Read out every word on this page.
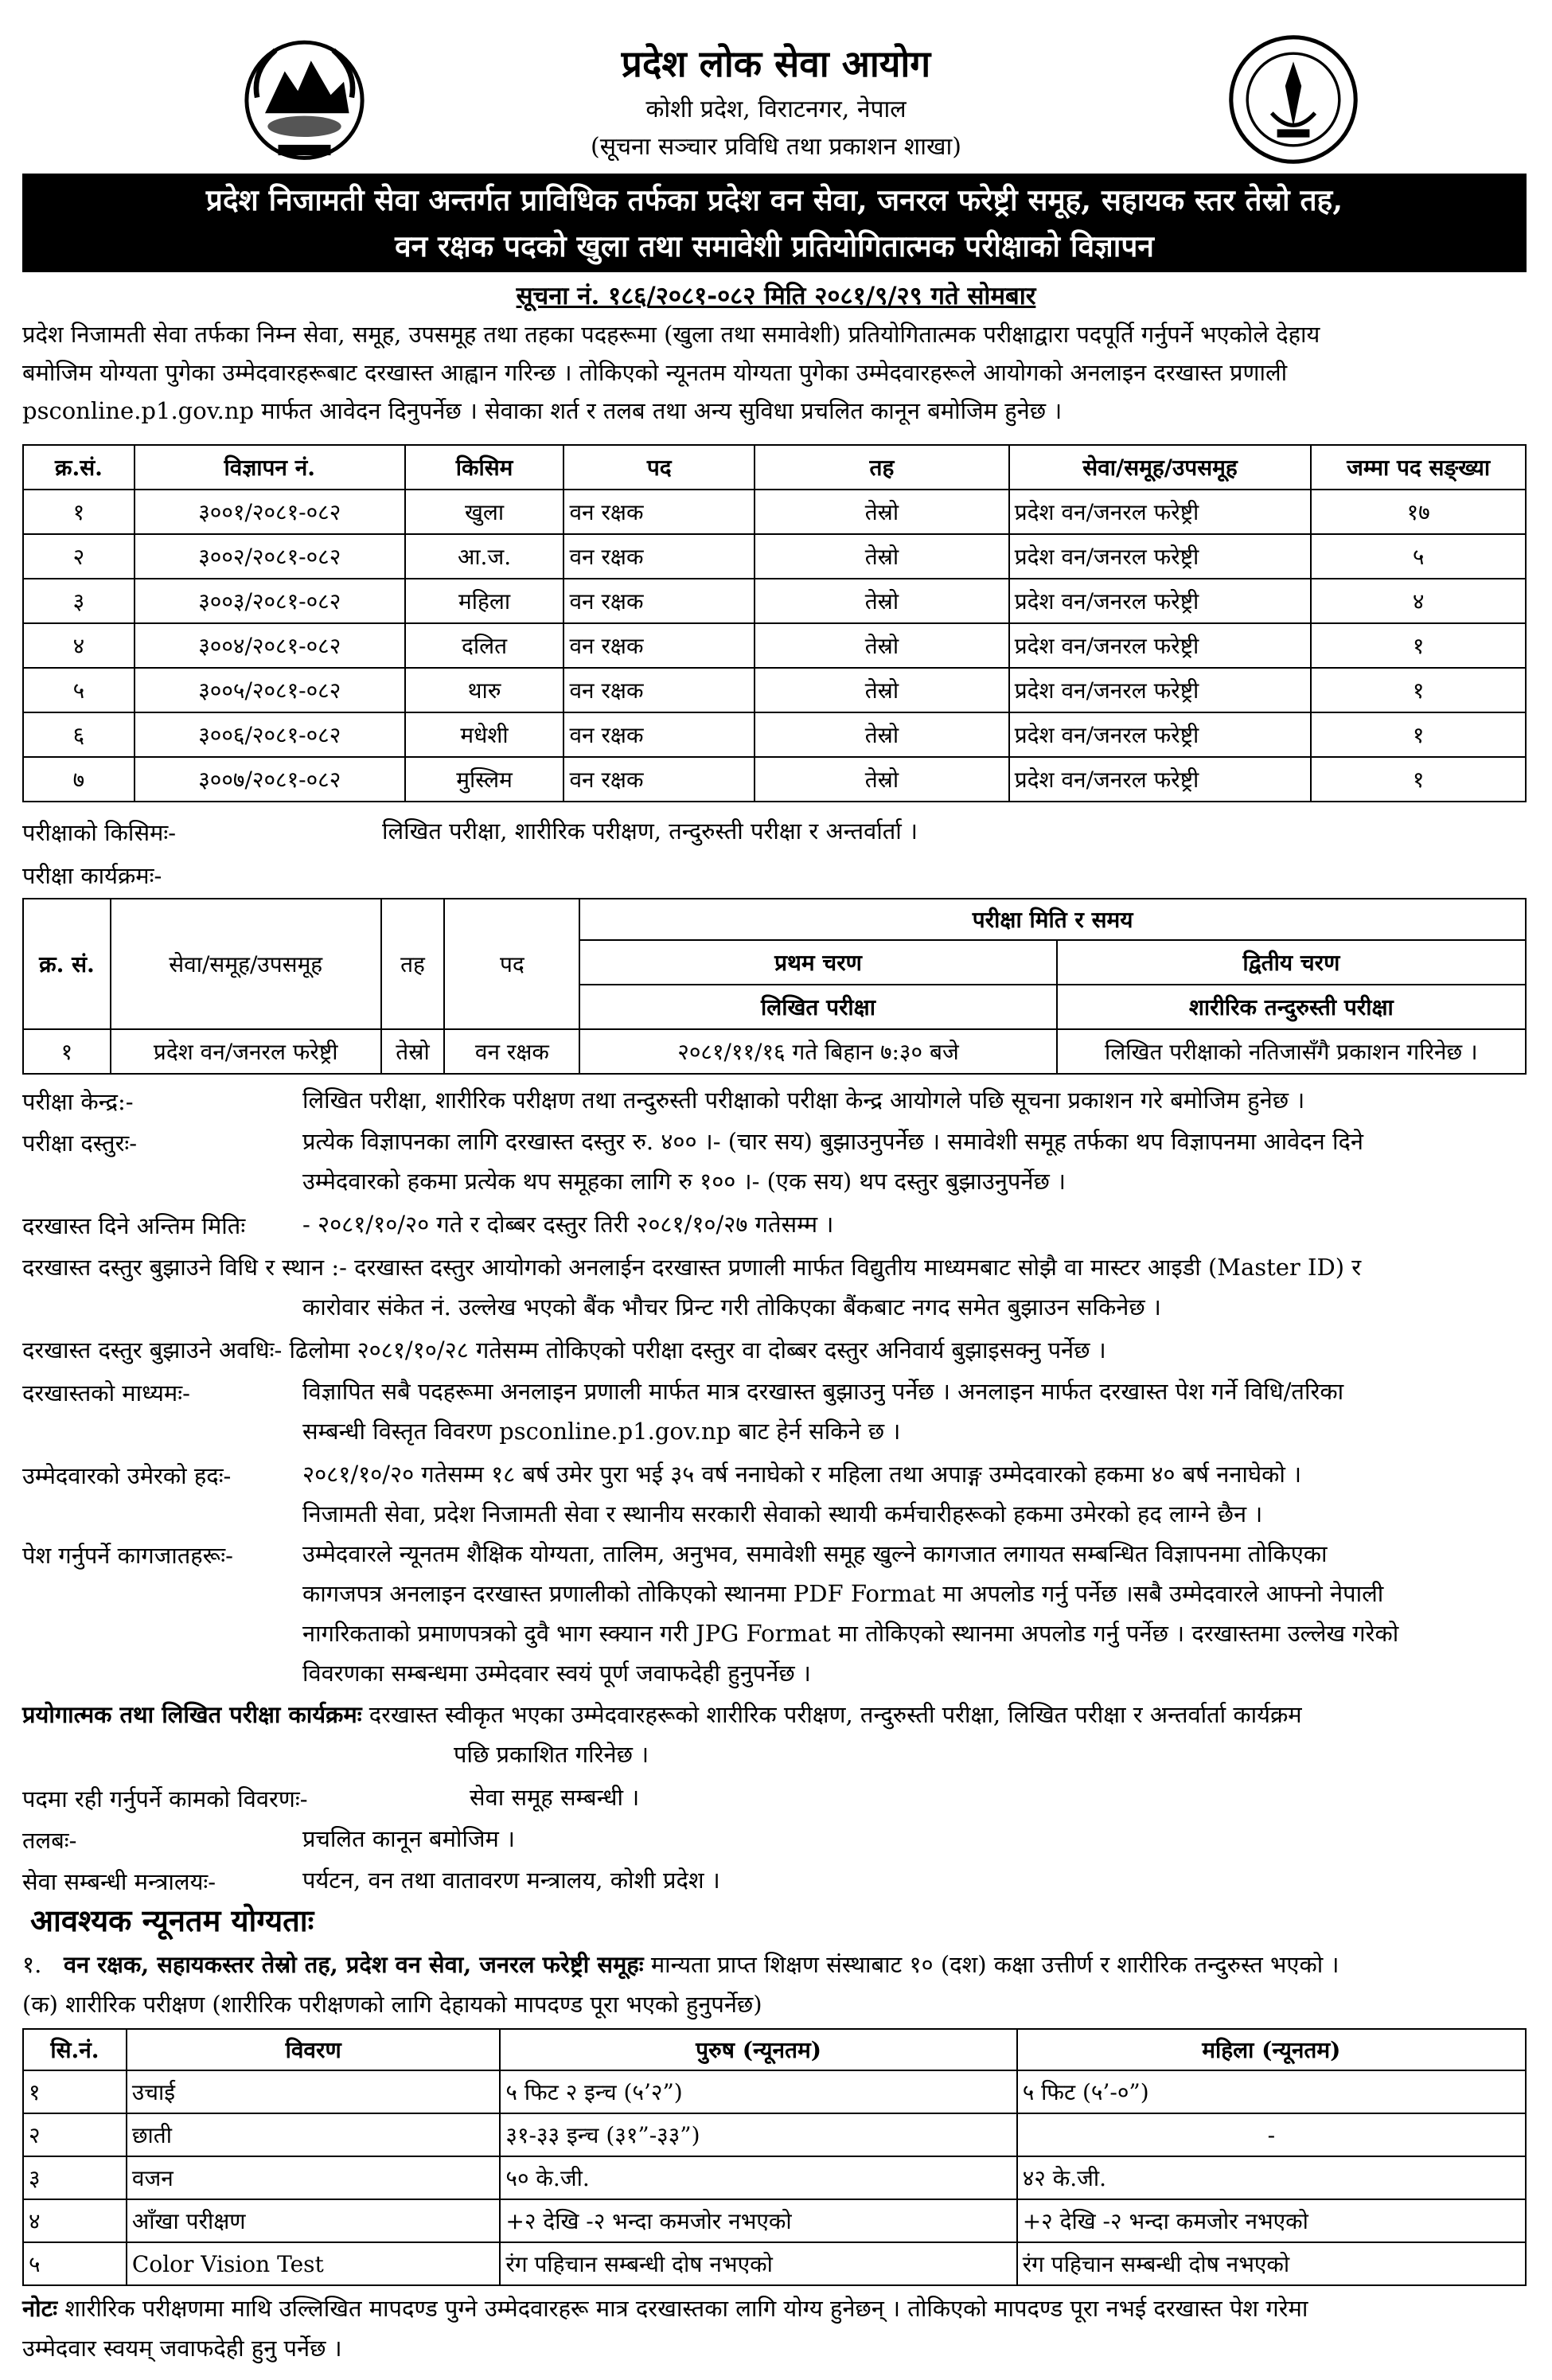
प्रदेश लोक सेवा आयोग
कोशी प्रदेश, विराटनगर, नेपाल
(सूचना सञ्चार प्रविधि तथा प्रकाशन शाखा)
प्रदेश निजामती सेवा अन्तर्गत प्राविधिक तर्फका प्रदेश वन सेवा, जनरल फरेष्ट्री समूह, सहायक स्तर तेस्रो तह,
वन रक्षक पदको खुला तथा समावेशी प्रतियोगितात्मक परीक्षाको विज्ञापन
सूचना नं. १८६/२०८१-०८२ मिति २०८१/९/२९ गते सोमबार
प्रदेश निजामती सेवा तर्फका निम्न सेवा, समूह, उपसमूह तथा तहका पदहरूमा (खुला तथा समावेशी) प्रतियोगितात्मक परीक्षाद्वारा पदपूर्ति गर्नुपर्ने भएकोले देहाय
बमोजिम योग्यता पुगेका उम्मेदवारहरूबाट दरखास्त आह्वान गरिन्छ । तोकिएको न्यूनतम योग्यता पुगेका उम्मेदवारहरूले आयोगको अनलाइन दरखास्त प्रणाली
psconline.p1.gov.np मार्फत आवेदन दिनुपर्नेछ । सेवाका शर्त र तलब तथा अन्य सुविधा प्रचलित कानून बमोजिम हुनेछ ।
क्र.सं.	विज्ञापन नं.	किसिम	पद	तह	सेवा/समूह/उपसमूह	जम्मा पद सङ्ख्या
१	३००१/२०८१-०८२	खुला	वन रक्षक	तेस्रो	प्रदेश वन/जनरल फरेष्ट्री	१७
२	३००२/२०८१-०८२	आ.ज.	वन रक्षक	तेस्रो	प्रदेश वन/जनरल फरेष्ट्री	५
३	३००३/२०८१-०८२	महिला	वन रक्षक	तेस्रो	प्रदेश वन/जनरल फरेष्ट्री	४
४	३००४/२०८१-०८२	दलित	वन रक्षक	तेस्रो	प्रदेश वन/जनरल फरेष्ट्री	१
५	३००५/२०८१-०८२	थारु	वन रक्षक	तेस्रो	प्रदेश वन/जनरल फरेष्ट्री	१
६	३००६/२०८१-०८२	मधेशी	वन रक्षक	तेस्रो	प्रदेश वन/जनरल फरेष्ट्री	१
७	३००७/२०८१-०८२	मुस्लिम	वन रक्षक	तेस्रो	प्रदेश वन/जनरल फरेष्ट्री	१
परीक्षाको किसिमः-	लिखित परीक्षा, शारीरिक परीक्षण, तन्दुरुस्ती परीक्षा र अन्तर्वार्ता ।
परीक्षा कार्यक्रमः-
क्र. सं.	सेवा/समूह/उपसमूह	तह	पद	परीक्षा मिति र समय	
				प्रथम चरण	द्वितीय चरण
				लिखित परीक्षा	शारीरिक तन्दुरुस्ती परीक्षा
१	प्रदेश वन/जनरल फरेष्ट्री	तेस्रो	वन रक्षक	२०८१/११/१६ गते बिहान ७:३० बजे	लिखित परीक्षाको नतिजासँगै प्रकाशन गरिनेछ ।
परीक्षा केन्द्र:-	लिखित परीक्षा, शारीरिक परीक्षण तथा तन्दुरुस्ती परीक्षाको परीक्षा केन्द्र आयोगले पछि सूचना प्रकाशन गरे बमोजिम हुनेछ ।
परीक्षा दस्तुरः-	प्रत्येक विज्ञापनका लागि दरखास्त दस्तुर रु. ४०० ।- (चार सय) बुझाउनुपर्नेछ । समावेशी समूह तर्फका थप विज्ञापनमा आवेदन दिने
उम्मेदवारको हकमा प्रत्येक थप समूहका लागि रु १०० ।- (एक सय) थप दस्तुर बुझाउनुपर्नेछ ।
दरखास्त दिने अन्तिम मितिः - २०८१/१०/२० गते र दोब्बर दस्तुर तिरी २०८१/१०/२७ गतेसम्म ।
दरखास्त दस्तुर बुझाउने विधि र स्थान :- दरखास्त दस्तुर आयोगको अनलाईन दरखास्त प्रणाली मार्फत विद्युतीय माध्यमबाट सोझै वा मास्टर आइडी (Master ID) र
कारोवार संकेत नं. उल्लेख भएको बैंक भौचर प्रिन्ट गरी तोकिएका बैंकबाट नगद समेत बुझाउन सकिनेछ ।
दरखास्त दस्तुर बुझाउने अवधिः- ढिलोमा २०८१/१०/२८ गतेसम्म तोकिएको परीक्षा दस्तुर वा दोब्बर दस्तुर अनिवार्य बुझाइसक्नु पर्नेछ ।
दरखास्तको माध्यमः-	विज्ञापित सबै पदहरूमा अनलाइन प्रणाली मार्फत मात्र दरखास्त बुझाउनु पर्नेछ । अनलाइन मार्फत दरखास्त पेश गर्ने विधि/तरिका
सम्बन्धी विस्तृत विवरण psconline.p1.gov.np बाट हेर्न सकिने छ ।
उम्मेदवारको उमेरको हदः-	२०८१/१०/२० गतेसम्म १८ बर्ष उमेर पुरा भई ३५ वर्ष ननाघेको र महिला तथा अपाङ्ग उम्मेदवारको हकमा ४० बर्ष ननाघेको ।
निजामती सेवा, प्रदेश निजामती सेवा र स्थानीय सरकारी सेवाको स्थायी कर्मचारीहरूको हकमा उमेरको हद लाग्ने छैन ।
पेश गर्नुपर्ने कागजातहरूः-	उम्मेदवारले न्यूनतम शैक्षिक योग्यता, तालिम, अनुभव, समावेशी समूह खुल्ने कागजात लगायत सम्बन्धित विज्ञापनमा तोकिएका
कागजपत्र अनलाइन दरखास्त प्रणालीको तोकिएको स्थानमा PDF Format मा अपलोड गर्नु पर्नेछ ।सबै उम्मेदवारले आफ्नो नेपाली
नागरिकताको प्रमाणपत्रको दुवै भाग स्क्यान गरी JPG Format मा तोकिएको स्थानमा अपलोड गर्नु पर्नेछ । दरखास्तमा उल्लेख गरेको
विवरणका सम्बन्धमा उम्मेदवार स्वयं पूर्ण जवाफदेही हुनुपर्नेछ ।
प्रयोगात्मक तथा लिखित परीक्षा कार्यक्रमः दरखास्त स्वीकृत भएका उम्मेदवारहरूको शारीरिक परीक्षण, तन्दुरुस्ती परीक्षा, लिखित परीक्षा र अन्तर्वार्ता कार्यक्रम
पछि प्रकाशित गरिनेछ ।
पदमा रही गर्नुपर्ने कामको विवरणः-	सेवा समूह सम्बन्धी ।
तलबः-	प्रचलित कानून बमोजिम ।
सेवा सम्बन्धी मन्त्रालयः-	पर्यटन, वन तथा वातावरण मन्त्रालय, कोशी प्रदेश ।
आवश्यक न्यूनतम योग्यताः
१. वन रक्षक, सहायकस्तर तेस्रो तह, प्रदेश वन सेवा, जनरल फरेष्ट्री समूहः मान्यता प्राप्त शिक्षण संस्थाबाट १० (दश) कक्षा उत्तीर्ण र शारीरिक तन्दुरुस्त भएको ।
(क) शारीरिक परीक्षण (शारीरिक परीक्षणको लागि देहायको मापदण्ड पूरा भएको हुनुपर्नेछ)
सि.नं.	विवरण	पुरुष (न्यूनतम)	महिला (न्यूनतम)
१	उचाई	५ फिट २ इन्च (५’२”)	५ फिट (५’-०”)
२	छाती	३१-३३ इन्च (३१”-३३”)	-
३	वजन	५० के.जी.	४२ के.जी.
४	आँखा परीक्षण	+२ देखि -२ भन्दा कमजोर नभएको	+२ देखि -२ भन्दा कमजोर नभएको
५	Color Vision Test	रंग पहिचान सम्बन्धी दोष नभएको	रंग पहिचान सम्बन्धी दोष नभएको
नोटः शारीरिक परीक्षणमा माथि उल्लिखित मापदण्ड पुग्ने उम्मेदवारहरू मात्र दरखास्तका लागि योग्य हुनेछन् । तोकिएको मापदण्ड पूरा नभई दरखास्त पेश गरेमा
उम्मेदवार स्वयम् जवाफदेही हुनु पर्नेछ ।
